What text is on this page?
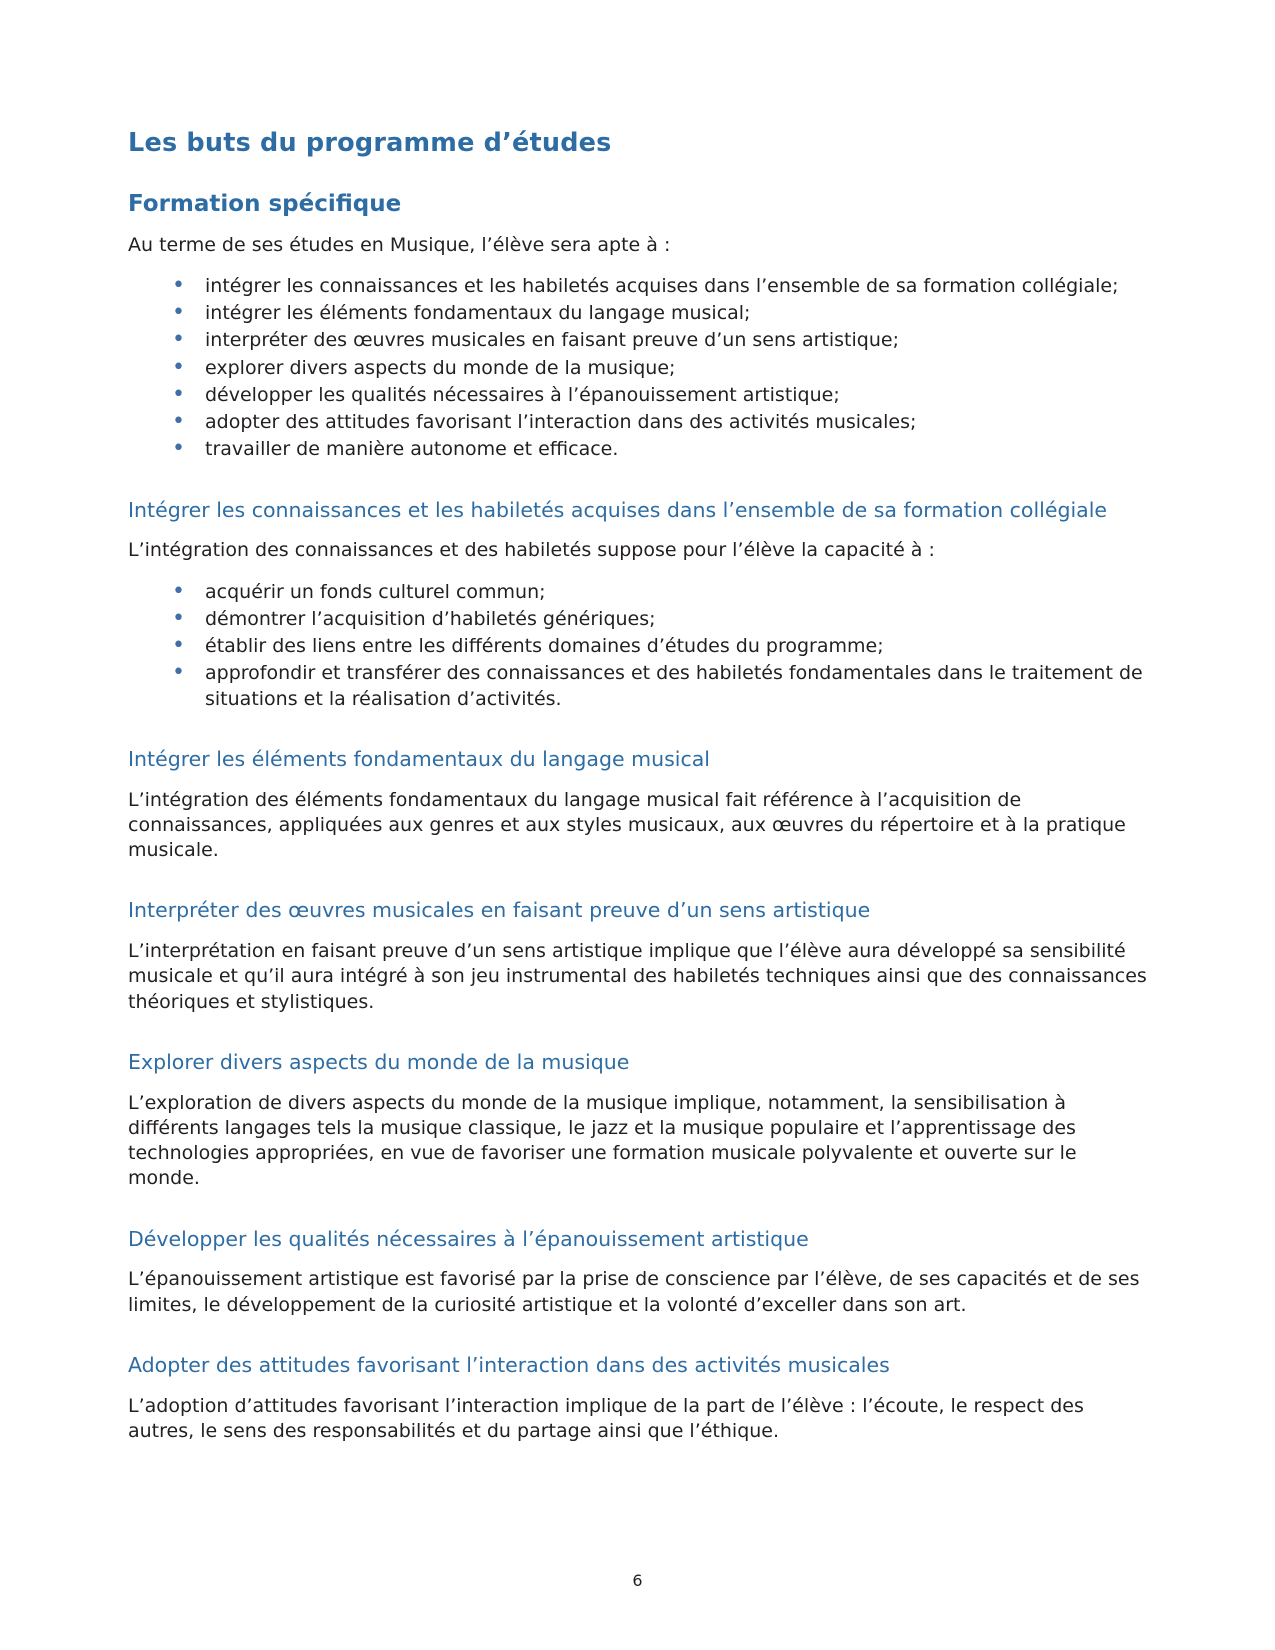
Les buts du programme d’études
Formation spécifique

Au terme de ses études en Musique, l’élève sera apte à :

• intégrer les connaissances et les habiletés acquises dans l’ensemble de sa formation collégiale;
• intégrer les éléments fondamentaux du langage musical;
• interpréter des œuvres musicales en faisant preuve d’un sens artistique;
• explorer divers aspects du monde de la musique;
• développer les qualités nécessaires à l’épanouissement artistique;
• adopter des attitudes favorisant l’interaction dans des activités musicales;
• travailler de manière autonome et efficace.
Intégrer les connaissances et les habiletés acquises dans l’ensemble de sa formation collégiale

L’intégration des connaissances et des habiletés suppose pour l’élève la capacité à :

• acquérir un fonds culturel commun;
• démontrer l’acquisition d’habiletés génériques;
• établir des liens entre les différents domaines d’études du programme;
• approfondir et transférer des connaissances et des habiletés fondamentales dans le traitement de situations et la réalisation d’activités.
Intégrer les éléments fondamentaux du langage musical

L’intégration des éléments fondamentaux du langage musical fait référence à l’acquisition de connaissances, appliquées aux genres et aux styles musicaux, aux œuvres du répertoire et à la pratique musicale.

Interpréter des œuvres musicales en faisant preuve d’un sens artistique

L’interprétation en faisant preuve d’un sens artistique implique que l’élève aura développé sa sensibilité musicale et qu’il aura intégré à son jeu instrumental des habiletés techniques ainsi que des connaissances théoriques et stylistiques.

Explorer divers aspects du monde de la musique

L’exploration de divers aspects du monde de la musique implique, notamment, la sensibilisation à différents langages tels la musique classique, le jazz et la musique populaire et l’apprentissage des technologies appropriées, en vue de favoriser une formation musicale polyvalente et ouverte sur le monde.

Développer les qualités nécessaires à l’épanouissement artistique

L’épanouissement artistique est favorisé par la prise de conscience par l’élève, de ses capacités et de ses limites, le développement de la curiosité artistique et la volonté d’exceller dans son art.

Adopter des attitudes favorisant l’interaction dans des activités musicales

L’adoption d’attitudes favorisant l’interaction implique de la part de l’élève : l’écoute, le respect des autres, le sens des responsabilités et du partage ainsi que l’éthique.

6
